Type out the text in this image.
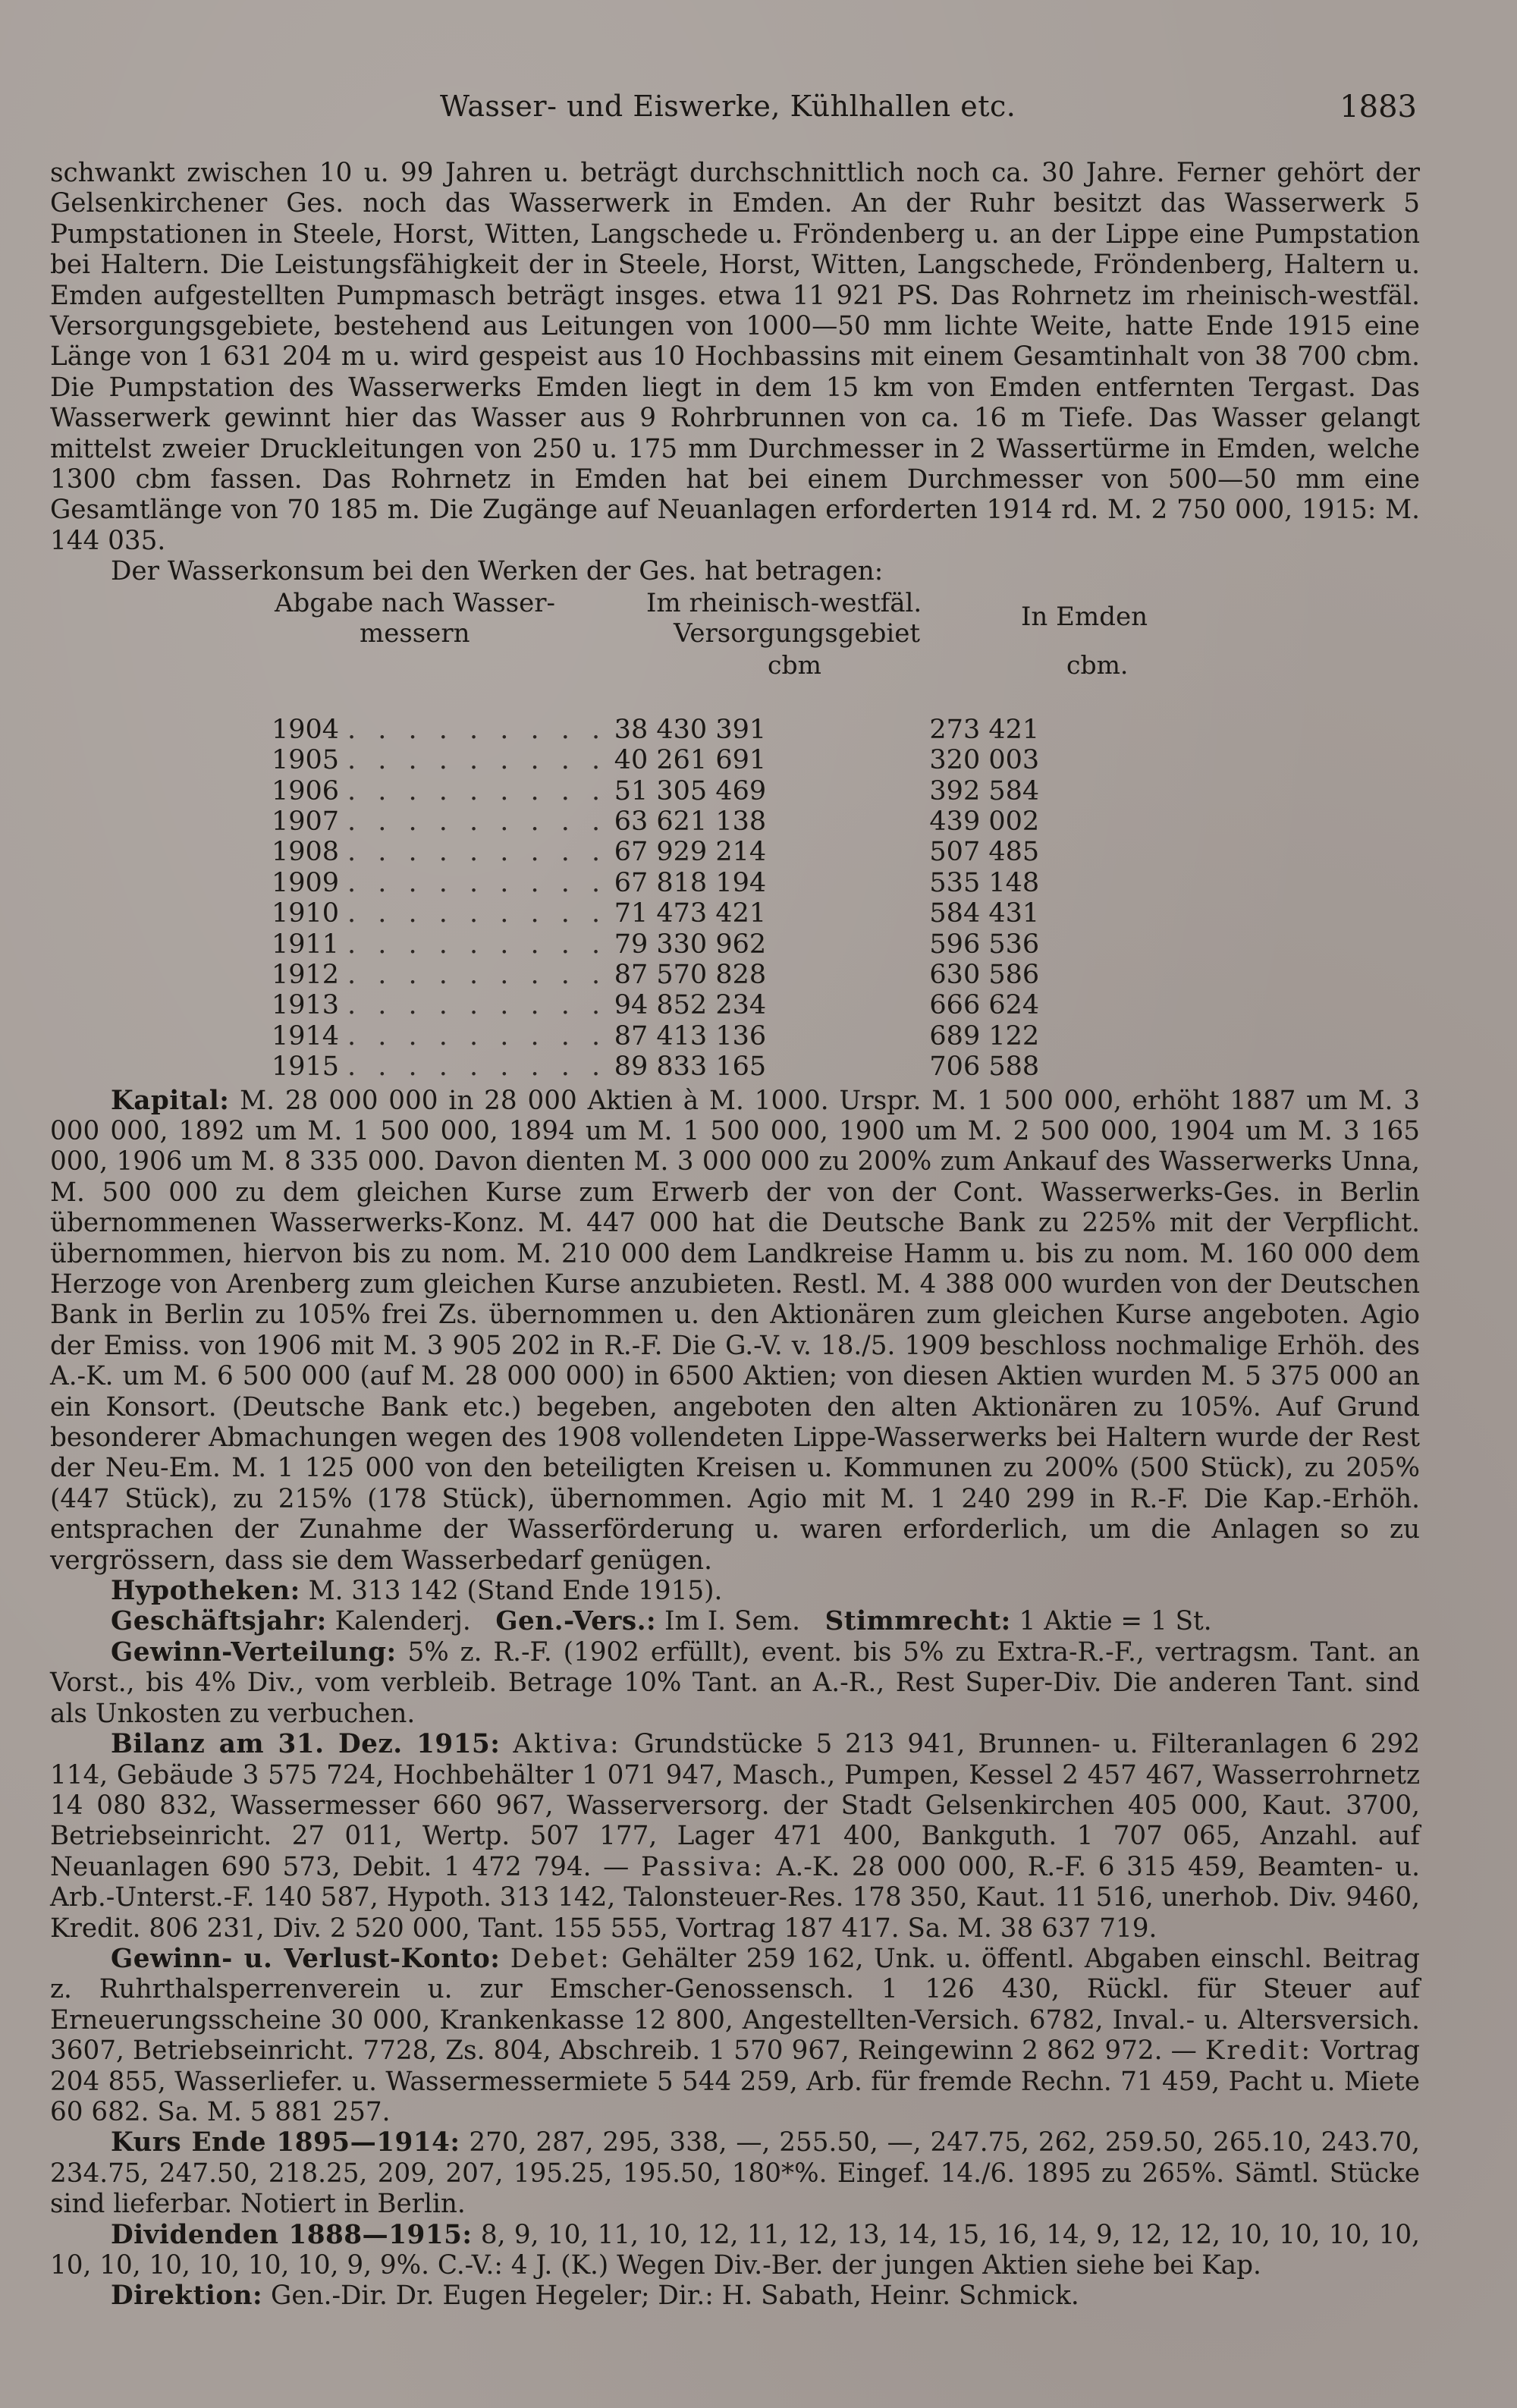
Wasser- und Eiswerke, Kühlhallen etc.	1883

schwankt zwischen 10 u. 99 Jahren u. beträgt durchschnittlich noch ca. 30 Jahre. Ferner gehört der Gelsenkirchener Ges. noch das Wasserwerk in Emden. An der Ruhr besitzt das Wasserwerk 5 Pumpstationen in Steele, Horst, Witten, Langschede u. Fröndenberg u. an der Lippe eine Pumpstation bei Haltern. Die Leistungsfähigkeit der in Steele, Horst, Witten, Langschede, Fröndenberg, Haltern u. Emden aufgestellten Pumpmasch beträgt insges. etwa 11 921 PS. Das Rohrnetz im rheinisch-westfäl. Versorgungsgebiete, bestehend aus Leitungen von 1000—50 mm lichte Weite, hatte Ende 1915 eine Länge von 1 631 204 m u. wird gespeist aus 10 Hochbassins mit einem Gesamtinhalt von 38 700 cbm. Die Pumpstation des Wasserwerks Emden liegt in dem 15 km von Emden entfernten Tergast. Das Wasserwerk gewinnt hier das Wasser aus 9 Rohrbrunnen von ca. 16 m Tiefe. Das Wasser gelangt mittelst zweier Druckleitungen von 250 u. 175 mm Durchmesser in 2 Wassertürme in Emden, welche 1300 cbm fassen. Das Rohrnetz in Emden hat bei einem Durchmesser von 500—50 mm eine Gesamtlänge von 70 185 m. Die Zugänge auf Neuanlagen erforderten 1914 rd. M. 2 750 000, 1915: M. 144 035.

Der Wasserkonsum bei den Werken der Ges. hat betragen:

Abgabe nach Wasser-
messern
Im rheinisch-westfäl.
Versorgungsgebiet
cbm
In Emden
cbm.
1904	. . . . . . . . .	38 430 391		273 421
1905	. . . . . . . . .	40 261 691		320 003
1906	. . . . . . . . .	51 305 469		392 584
1907	. . . . . . . . .	63 621 138		439 002
1908	. . . . . . . . .	67 929 214		507 485
1909	. . . . . . . . .	67 818 194		535 148
1910	. . . . . . . . .	71 473 421		584 431
1911	. . . . . . . . .	79 330 962		596 536
1912	. . . . . . . . .	87 570 828		630 586
1913	. . . . . . . . .	94 852 234		666 624
1914	. . . . . . . . .	87 413 136		689 122
1915	. . . . . . . . .	89 833 165		706 588

Kapital: M. 28 000 000 in 28 000 Aktien à M. 1000. Urspr. M. 1 500 000, erhöht 1887 um M. 3 000 000, 1892 um M. 1 500 000, 1894 um M. 1 500 000, 1900 um M. 2 500 000, 1904 um M. 3 165 000, 1906 um M. 8 335 000. Davon dienten M. 3 000 000 zu 200% zum Ankauf des Wasserwerks Unna, M. 500 000 zu dem gleichen Kurse zum Erwerb der von der Cont. Wasserwerks-Ges. in Berlin übernommenen Wasserwerks-Konz. M. 447 000 hat die Deutsche Bank zu 225% mit der Verpflicht. übernommen, hiervon bis zu nom. M. 210 000 dem Landkreise Hamm u. bis zu nom. M. 160 000 dem Herzoge von Arenberg zum gleichen Kurse anzubieten. Restl. M. 4 388 000 wurden von der Deutschen Bank in Berlin zu 105% frei Zs. übernommen u. den Aktionären zum gleichen Kurse angeboten. Agio der Emiss. von 1906 mit M. 3 905 202 in R.-F. Die G.-V. v. 18./5. 1909 beschloss nochmalige Erhöh. des A.-K. um M. 6 500 000 (auf M. 28 000 000) in 6500 Aktien; von diesen Aktien wurden M. 5 375 000 an ein Konsort. (Deutsche Bank etc.) begeben, angeboten den alten Aktionären zu 105%. Auf Grund besonderer Abmachungen wegen des 1908 vollendeten Lippe-Wasserwerks bei Haltern wurde der Rest der Neu-Em. M. 1 125 000 von den beteiligten Kreisen u. Kommunen zu 200% (500 Stück), zu 205% (447 Stück), zu 215% (178 Stück), übernommen. Agio mit M. 1 240 299 in R.-F. Die Kap.-Erhöh. entsprachen der Zunahme der Wasserförderung u. waren erforderlich, um die Anlagen so zu vergrössern, dass sie dem Wasserbedarf genügen.

Hypotheken: M. 313 142 (Stand Ende 1915).

Geschäftsjahr: Kalenderj. Gen.-Vers.: Im I. Sem. Stimmrecht: 1 Aktie = 1 St.

Gewinn-Verteilung: 5% z. R.-F. (1902 erfüllt), event. bis 5% zu Extra-R.-F., vertragsm. Tant. an Vorst., bis 4% Div., vom verbleib. Betrage 10% Tant. an A.-R., Rest Super-Div. Die anderen Tant. sind als Unkosten zu verbuchen.

Bilanz am 31. Dez. 1915: Aktiva: Grundstücke 5 213 941, Brunnen- u. Filteranlagen 6 292 114, Gebäude 3 575 724, Hochbehälter 1 071 947, Masch., Pumpen, Kessel 2 457 467, Wasserrohrnetz 14 080 832, Wassermesser 660 967, Wasserversorg. der Stadt Gelsenkirchen 405 000, Kaut. 3700, Betriebseinricht. 27 011, Wertp. 507 177, Lager 471 400, Bankguth. 1 707 065, Anzahl. auf Neuanlagen 690 573, Debit. 1 472 794. — Passiva: A.-K. 28 000 000, R.-F. 6 315 459, Beamten- u. Arb.-Unterst.-F. 140 587, Hypoth. 313 142, Talonsteuer-Res. 178 350, Kaut. 11 516, unerhob. Div. 9460, Kredit. 806 231, Div. 2 520 000, Tant. 155 555, Vortrag 187 417. Sa. M. 38 637 719.

Gewinn- u. Verlust-Konto: Debet: Gehälter 259 162, Unk. u. öffentl. Abgaben einschl. Beitrag z. Ruhrthalsperrenverein u. zur Emscher-Genossensch. 1 126 430, Rückl. für Steuer auf Erneuerungsscheine 30 000, Krankenkasse 12 800, Angestellten-Versich. 6782, Inval.- u. Altersversich. 3607, Betriebseinricht. 7728, Zs. 804, Abschreib. 1 570 967, Reingewinn 2 862 972. — Kredit: Vortrag 204 855, Wasserliefer. u. Wassermessermiete 5 544 259, Arb. für fremde Rechn. 71 459, Pacht u. Miete 60 682. Sa. M. 5 881 257.

Kurs Ende 1895—1914: 270, 287, 295, 338, —, 255.50, —, 247.75, 262, 259.50, 265.10, 243.70, 234.75, 247.50, 218.25, 209, 207, 195.25, 195.50, 180*%. Eingef. 14./6. 1895 zu 265%. Sämtl. Stücke sind lieferbar. Notiert in Berlin.

Dividenden 1888—1915: 8, 9, 10, 11, 10, 12, 11, 12, 13, 14, 15, 16, 14, 9, 12, 12, 10, 10, 10, 10, 10, 10, 10, 10, 10, 10, 9, 9%. C.-V.: 4 J. (K.) Wegen Div.-Ber. der jungen Aktien siehe bei Kap.

Direktion: Gen.-Dir. Dr. Eugen Hegeler; Dir.: H. Sabath, Heinr. Schmick.
